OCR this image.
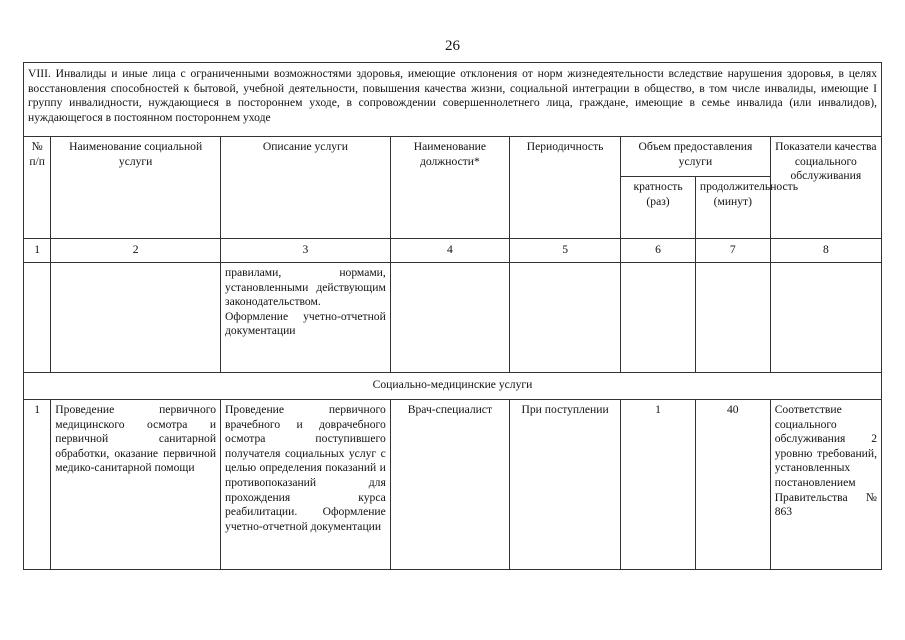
26
VIII. Инвалиды и иные лица с ограниченными возможностями здоровья, имеющие отклонения от норм жизнедеятельности вследствие нарушения здоровья, в целях восстановления способностей к бытовой, учебной деятельности, повышения качества жизни, социальной интеграции в общество, в том числе инвалиды, имеющие I группу инвалидности, нуждающиеся в постороннем уходе, в сопровождении совершеннолетнего лица, граждане, имеющие в семье инвалида (или инвалидов), нуждающегося в постоянном постороннем уходе							
№ п/п	Наименование социальной услуги	Описание услуги	Наименование должности*	Периодичность	Объем предоставления услуги		Показатели качества социального обслуживания
					кратность (раз)	продолжительность (минут)	
1	2	3	4	5	6	7	8
		правилами, нормами, установленными действующим законодательством. Оформление учетно-отчетной документации					
Социально-медицинские услуги							
1	Проведение первичного медицинского осмотра и первичной санитарной обработки, оказание первичной медико-санитарной помощи	Проведение первичного врачебного и доврачебного осмотра поступившего получателя социальных услуг с целью определения показаний и противопоказаний для прохождения курса реабилитации. Оформление учетно-отчетной документации	Врач-специалист	При поступлении	1	40	Соответствие социального обслуживания 2 уровню требований, установленных постановлением Правительства № 863
